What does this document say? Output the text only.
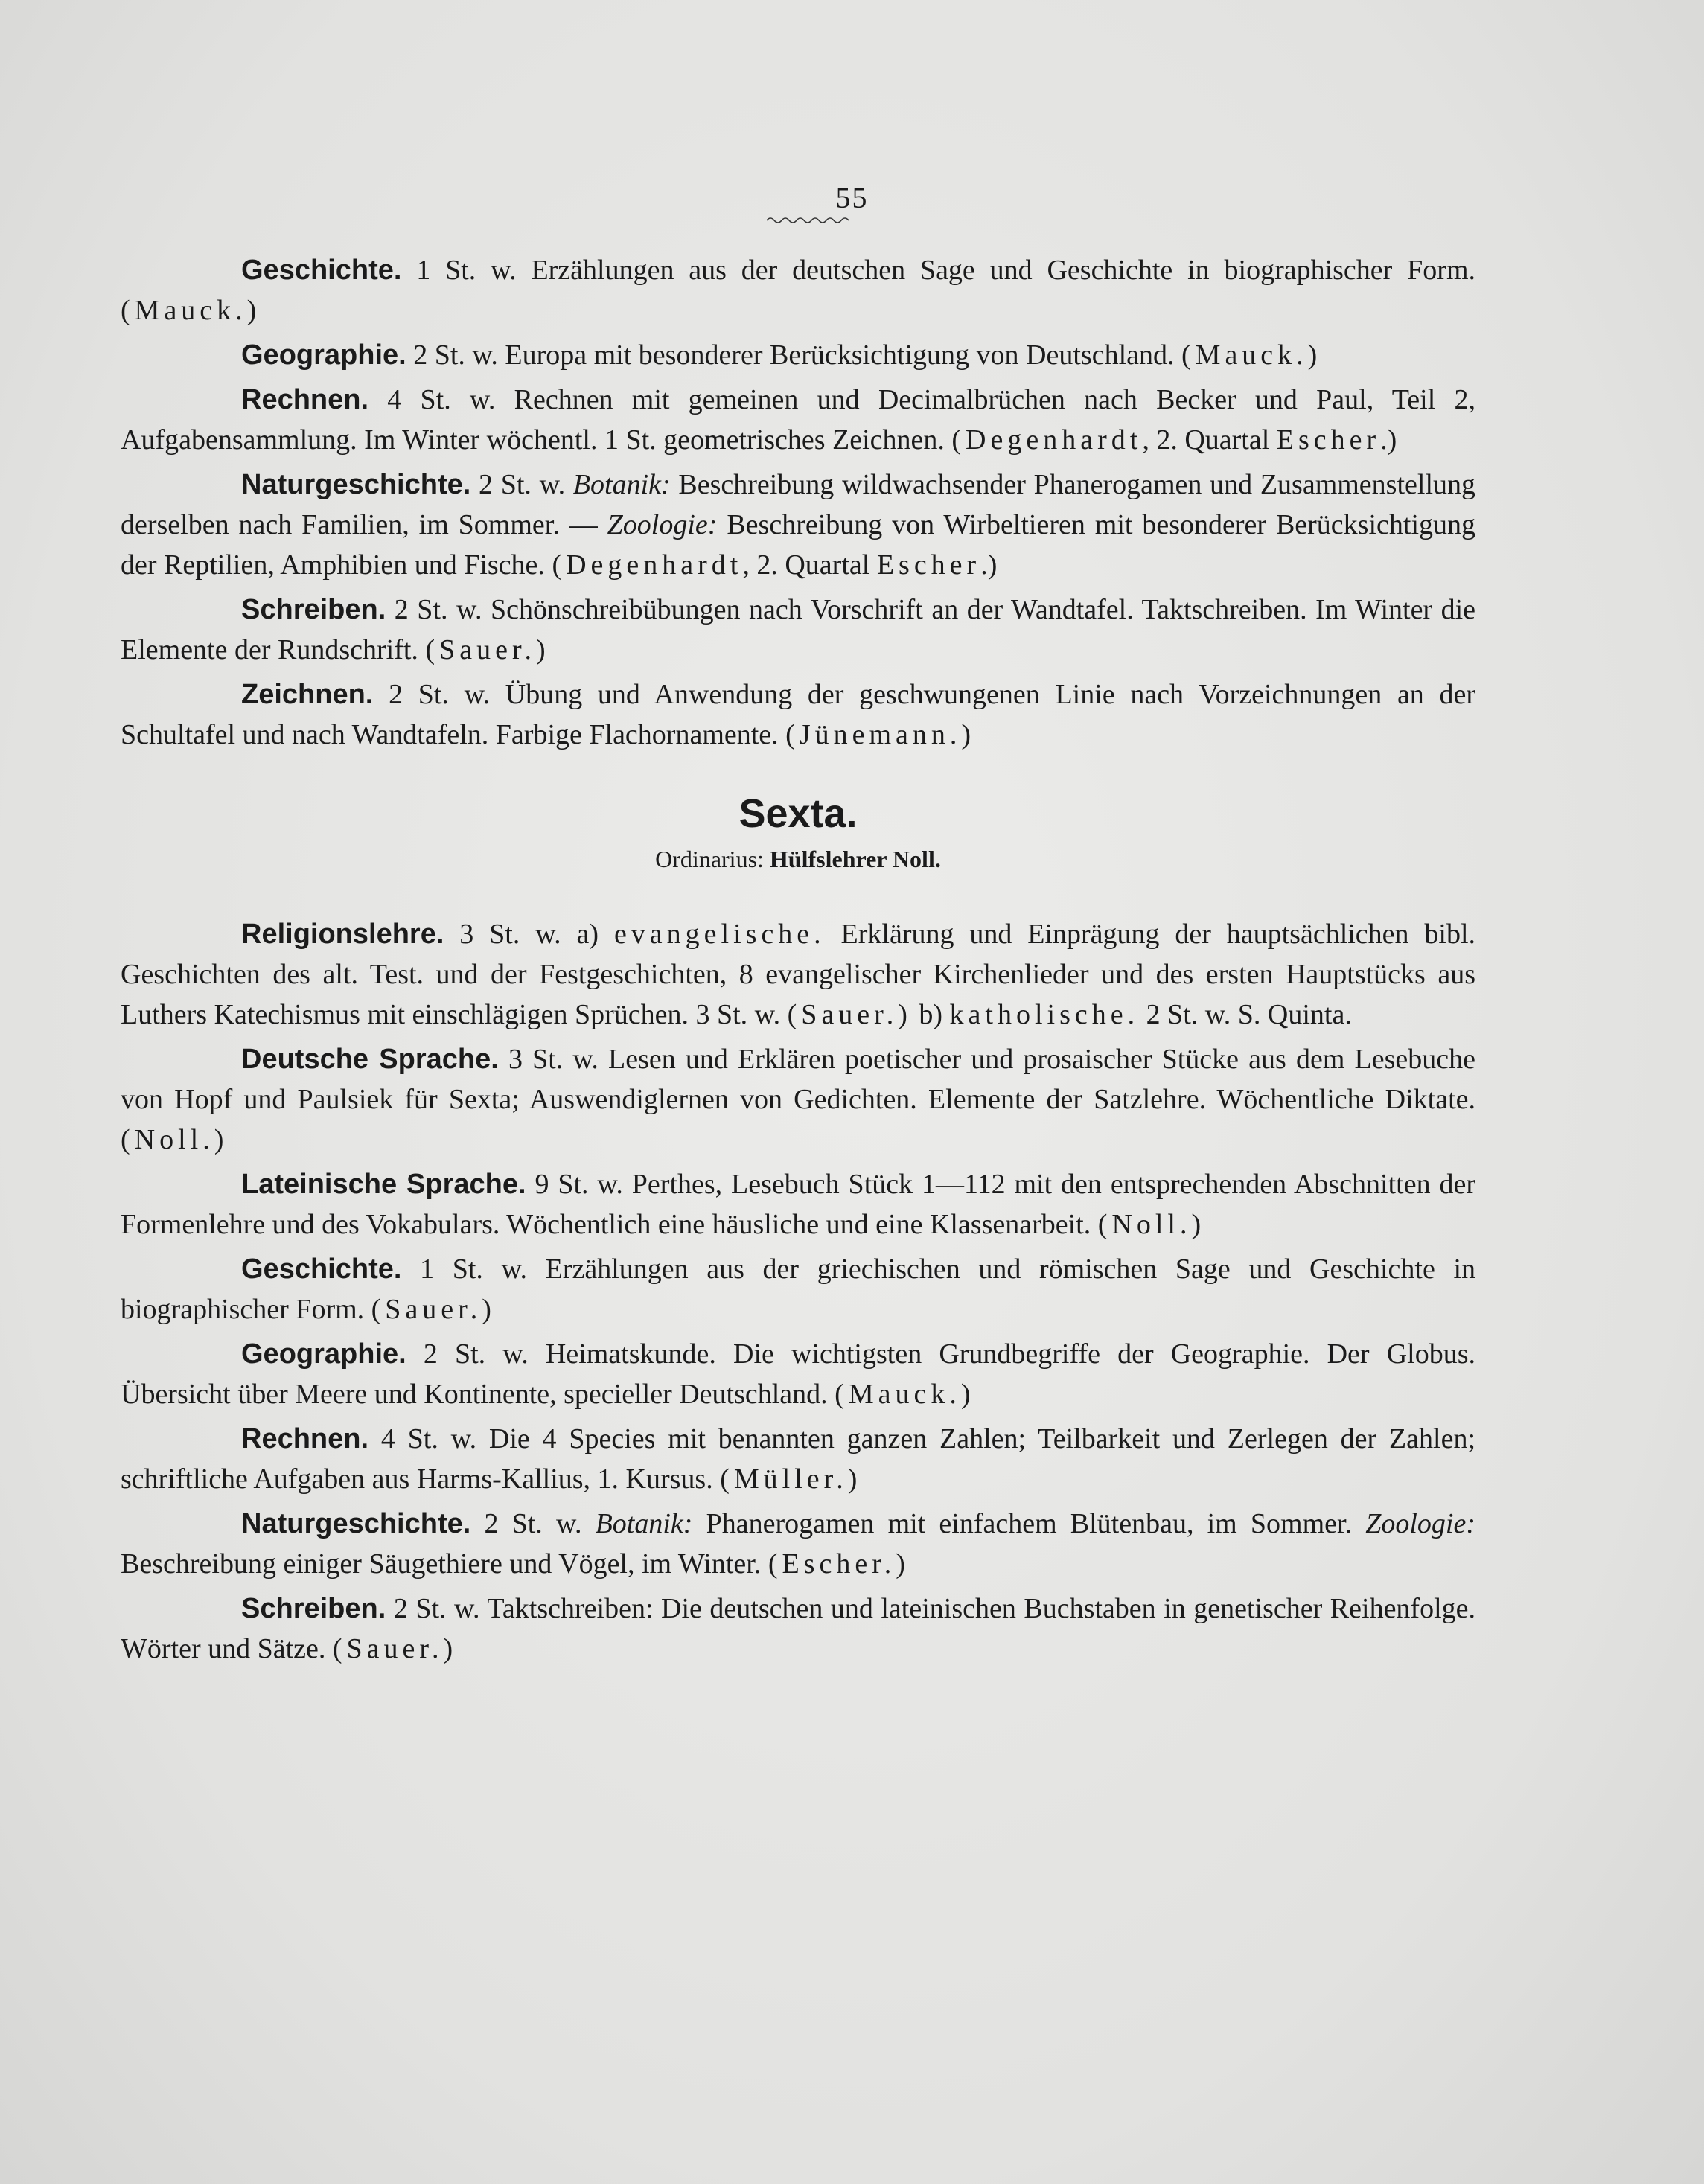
55

Geschichte. 1 St. w. Erzählungen aus der deutschen Sage und Geschichte in biographischer Form. (Mauck.)

Geographie. 2 St. w. Europa mit besonderer Berücksichtigung von Deutschland. (Mauck.)

Rechnen. 4 St. w. Rechnen mit gemeinen und Decimalbrüchen nach Becker und Paul, Teil 2, Aufgabensammlung. Im Winter wöchentl. 1 St. geometrisches Zeichnen. (Degenhardt, 2. Quartal Escher.)

Naturgeschichte. 2 St. w. Botanik: Beschreibung wildwachsender Phanerogamen und Zusammenstellung derselben nach Familien, im Sommer. — Zoologie: Beschreibung von Wirbeltieren mit besonderer Berücksichtigung der Reptilien, Amphibien und Fische. (Degenhardt, 2. Quartal Escher.)

Schreiben. 2 St. w. Schönschreibübungen nach Vorschrift an der Wandtafel. Taktschreiben. Im Winter die Elemente der Rundschrift. (Sauer.)

Zeichnen. 2 St. w. Übung und Anwendung der geschwungenen Linie nach Vorzeichnungen an der Schultafel und nach Wandtafeln. Farbige Flachornamente. (Jünemann.)

Sexta.
Ordinarius: Hülfslehrer Noll.

Religionslehre. 3 St. w. a) evangelische. Erklärung und Einprägung der hauptsächlichen bibl. Geschichten des alt. Test. und der Festgeschichten, 8 evangelischer Kirchenlieder und des ersten Hauptstücks aus Luthers Katechismus mit einschlägigen Sprüchen. 3 St. w. (Sauer.) b) katholische. 2 St. w. S. Quinta.

Deutsche Sprache. 3 St. w. Lesen und Erklären poetischer und prosaischer Stücke aus dem Lesebuche von Hopf und Paulsiek für Sexta; Auswendiglernen von Gedichten. Elemente der Satzlehre. Wöchentliche Diktate. (Noll.)

Lateinische Sprache. 9 St. w. Perthes, Lesebuch Stück 1—112 mit den entsprechenden Abschnitten der Formenlehre und des Vokabulars. Wöchentlich eine häusliche und eine Klassenarbeit. (Noll.)

Geschichte. 1 St. w. Erzählungen aus der griechischen und römischen Sage und Geschichte in biographischer Form. (Sauer.)

Geographie. 2 St. w. Heimatskunde. Die wichtigsten Grundbegriffe der Geographie. Der Globus. Übersicht über Meere und Kontinente, specieller Deutschland. (Mauck.)

Rechnen. 4 St. w. Die 4 Species mit benannten ganzen Zahlen; Teilbarkeit und Zerlegen der Zahlen; schriftliche Aufgaben aus Harms-Kallius, 1. Kursus. (Müller.)

Naturgeschichte. 2 St. w. Botanik: Phanerogamen mit einfachem Blütenbau, im Sommer. Zoologie: Beschreibung einiger Säugethiere und Vögel, im Winter. (Escher.)

Schreiben. 2 St. w. Taktschreiben: Die deutschen und lateinischen Buchstaben in genetischer Reihenfolge. Wörter und Sätze. (Sauer.)
